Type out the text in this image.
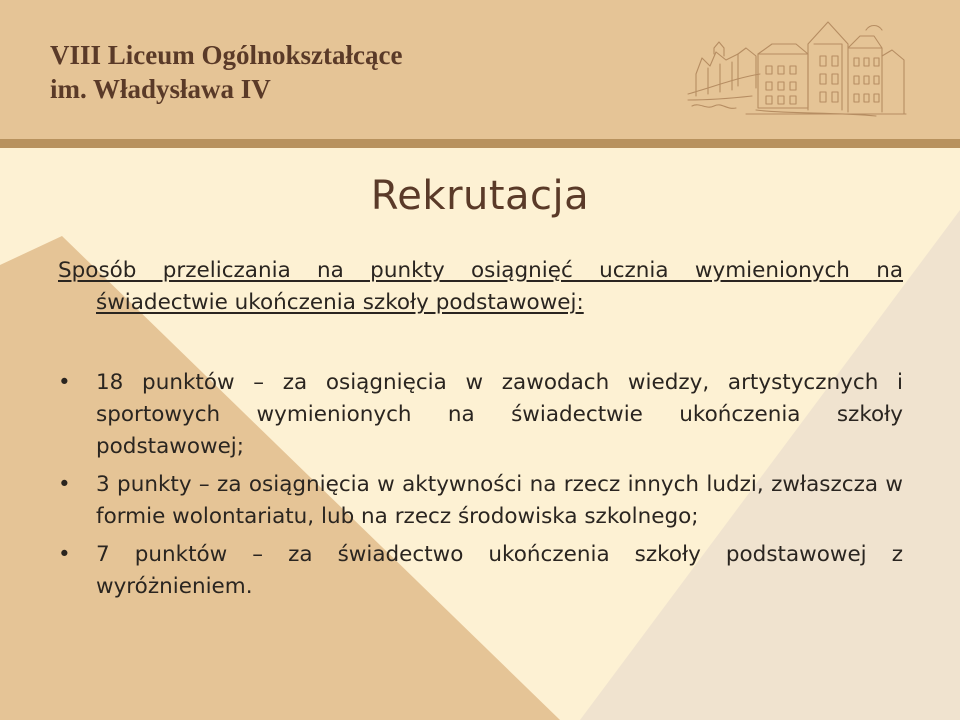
VIII Liceum Ogólnokształcące
im. Władysława IV
Rekrutacja

Sposób przeliczania na punkty osiągnięć ucznia wymienionych na świadectwie ukończenia szkoły podstawowej:

•	18 punktów – za osiągnięcia w zawodach wiedzy, artystycznych i sportowych wymienionych na świadectwie ukończenia szkoły podstawowej;
•	3 punkty – za osiągnięcia w aktywności na rzecz innych ludzi, zwłaszcza w formie wolontariatu, lub na rzecz środowiska szkolnego;
•	7 punktów – za świadectwo ukończenia szkoły podstawowej z wyróżnieniem.
